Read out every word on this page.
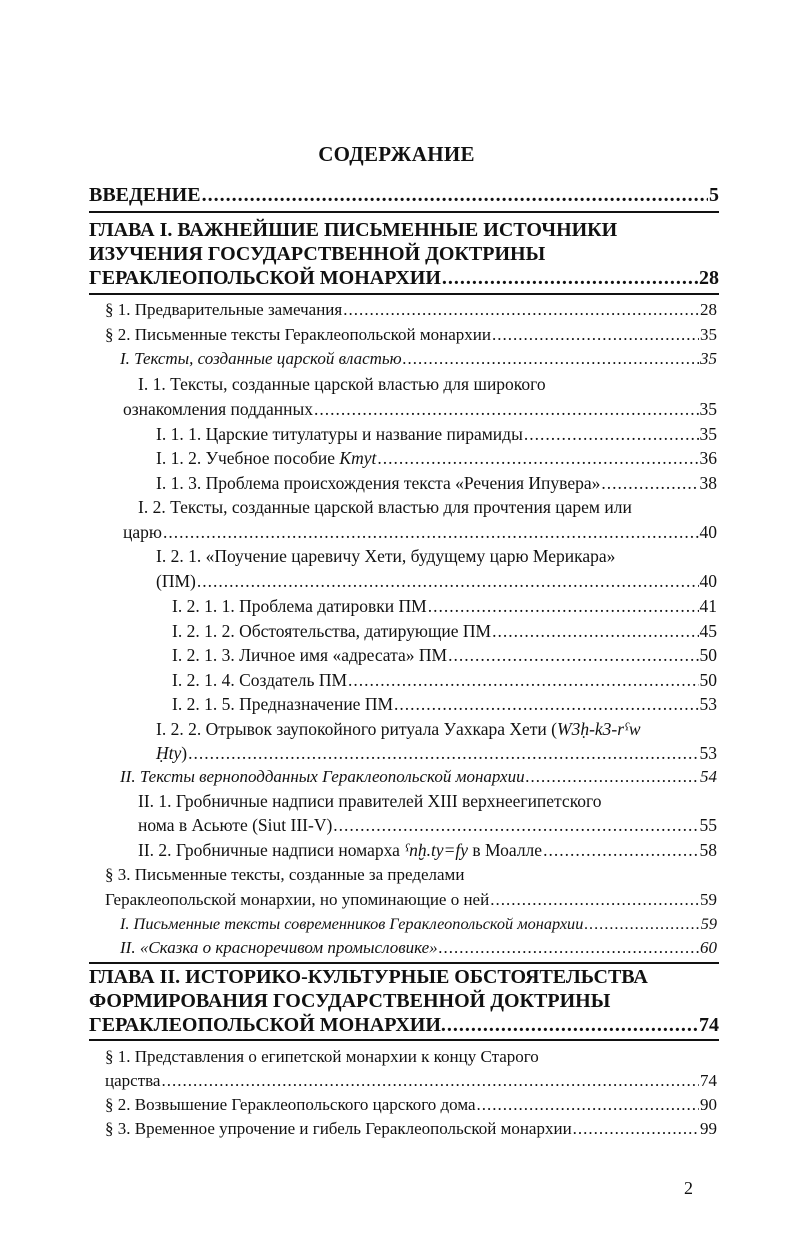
СОДЕРЖАНИЕ
ВВЕДЕНИЕ .....	5
ГЛАВА I. ВАЖНЕЙШИЕ ПИСЬМЕННЫЕ ИСТОЧНИКИ
ИЗУЧЕНИЯ ГОСУДАРСТВЕННОЙ ДОКТРИНЫ
ГЕРАКЛЕОПОЛЬСКОЙ МОНАРХИИ .....	28
§ 1. Предварительные замечания .....	28
§ 2. Письменные тексты Гераклеопольской монархии .....	35
I. Тексты, созданные царской властью .....	35
I. 1. Тексты, созданные царской властью для широкого
ознакомления подданных .....	35
I. 1. 1. Царские титулатуры и название пирамиды .....	35
I. 1. 2. Учебное пособие Kmyt .....	36
I. 1. 3. Проблема происхождения текста «Речения Ипувера» .....	38
I. 2. Тексты, созданные царской властью для прочтения царем или
царю .....	40
I. 2. 1. «Поучение царевичу Хети, будущему царю Мерикара»
(ПМ) .....	40
I. 2. 1. 1. Проблема датировки ПМ .....	41
I. 2. 1. 2. Обстоятельства, датирующие ПМ .....	45
I. 2. 1. 3. Личное имя «адресата» ПМ .....	50
I. 2. 1. 4. Создатель ПМ .....	50
I. 2. 1. 5. Предназначение ПМ .....	53
I. 2. 2. Отрывок заупокойного ритуала Уахкара Хети (W3ḥ-k3-rˁw
Ḥty) .....	53
II. Тексты верноподданных Гераклеопольской монархии .....	54
II. 1. Гробничные надписи правителей XIII верхнеегипетского
нома в Асьюте (Siut III-V) .....	55
II. 2. Гробничные надписи номарха ˁnḫ.ty=fy в Моалле .....	58
§ 3. Письменные тексты, созданные за пределами
Гераклеопольской монархии, но упоминающие о ней .....	59
I. Письменные тексты современников Гераклеопольской монархии .....	59
II. «Сказка о красноречивом промысловике» .....	60
ГЛАВА II. ИСТОРИКО-КУЛЬТУРНЫЕ ОБСТОЯТЕЛЬСТВА
ФОРМИРОВАНИЯ ГОСУДАРСТВЕННОЙ ДОКТРИНЫ
ГЕРАКЛЕОПОЛЬСКОЙ МОНАРХИИ. .....	74
§ 1. Представления о египетской монархии к концу Старого
царства .....	74
§ 2. Возвышение Гераклеопольского царского дома .....	90
§ 3. Временное упрочение и гибель Гераклеопольской монархии .....	99
2
